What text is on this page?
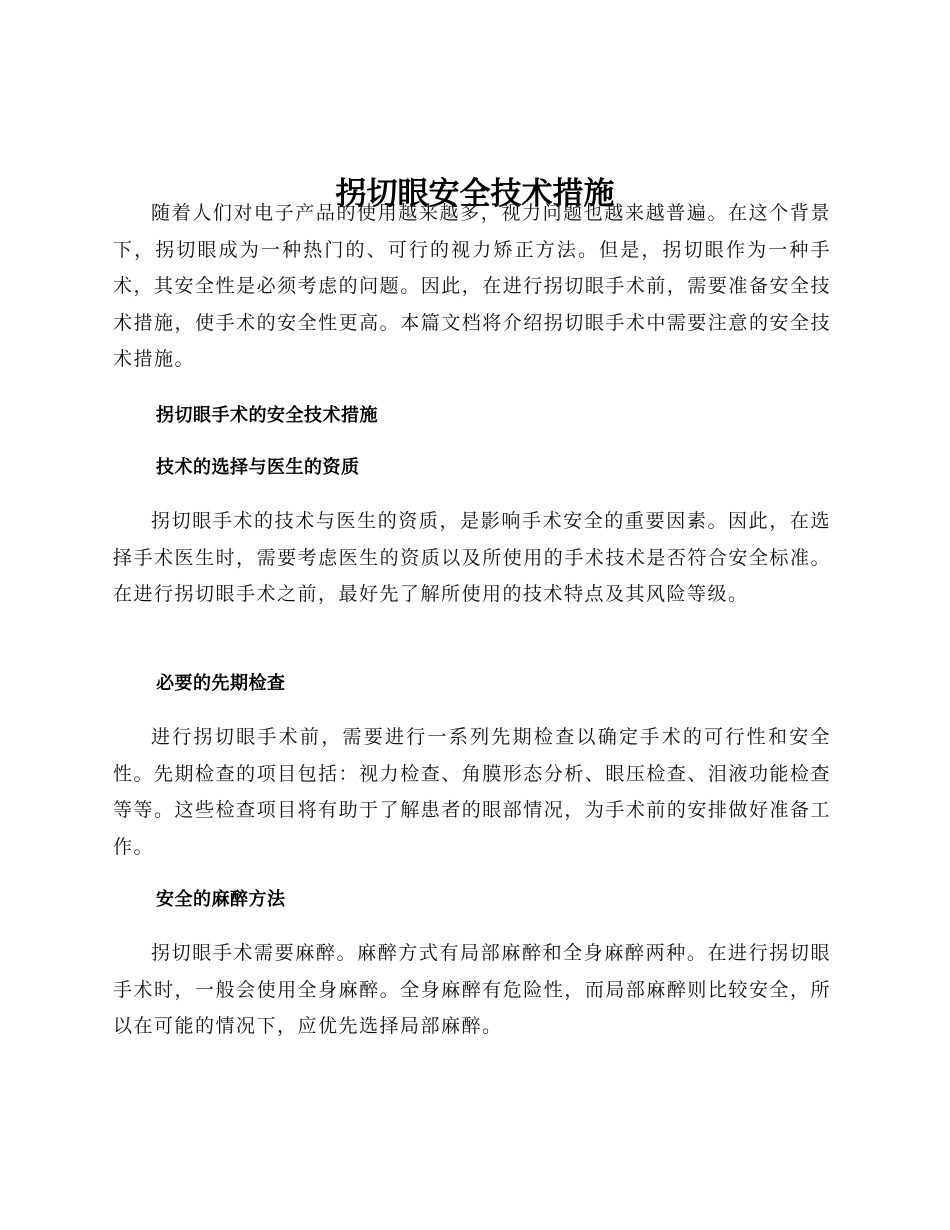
拐切眼安全技术措施

随着人们对电子产品的使用越来越多，视力问题也越来越普遍。在这个背景下，拐切眼成为一种热门的、可行的视力矫正方法。但是，拐切眼作为一种手术，其安全性是必须考虑的问题。因此，在进行拐切眼手术前，需要准备安全技术措施，使手术的安全性更高。本篇文档将介绍拐切眼手术中需要注意的安全技术措施。

拐切眼手术的安全技术措施
技术的选择与医生的资质

拐切眼手术的技术与医生的资质，是影响手术安全的重要因素。因此，在选择手术医生时，需要考虑医生的资质以及所使用的手术技术是否符合安全标准。在进行拐切眼手术之前，最好先了解所使用的技术特点及其风险等级。

必要的先期检查

进行拐切眼手术前，需要进行一系列先期检查以确定手术的可行性和安全性。先期检查的项目包括：视力检查、角膜形态分析、眼压检查、泪液功能检查等等。这些检查项目将有助于了解患者的眼部情况，为手术前的安排做好准备工作。

安全的麻醉方法

拐切眼手术需要麻醉。麻醉方式有局部麻醉和全身麻醉两种。在进行拐切眼手术时，一般会使用全身麻醉。全身麻醉有危险性，而局部麻醉则比较安全，所以在可能的情况下，应优先选择局部麻醉。
